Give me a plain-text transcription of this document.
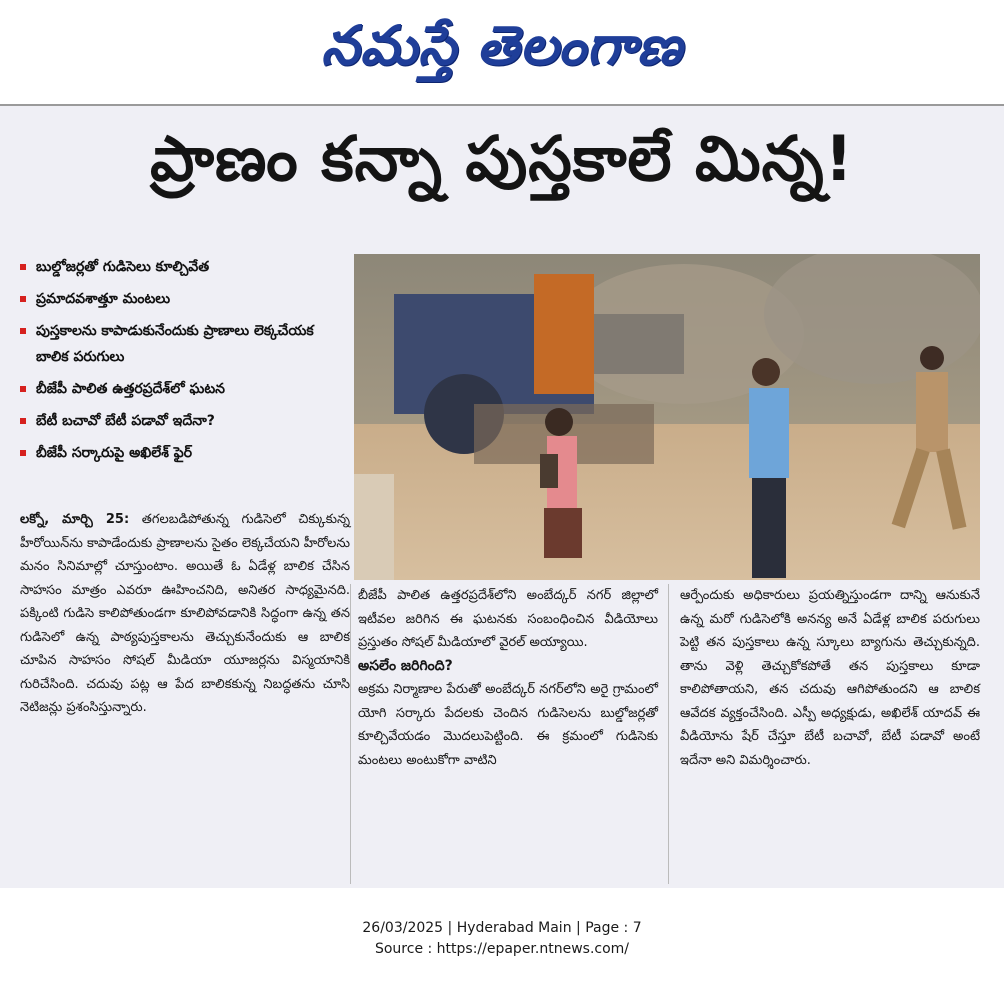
నమస్తే తెలంగాణ
ప్రాణం కన్నా పుస్తకాలే మిన్న!
బుల్డోజర్లతో గుడిసెలు కూల్చివేత
ప్రమాదవశాత్తూ మంటలు
పుస్తకాలను కాపాడుకునేందుకు ప్రాణాలు లెక్కచేయక బాలిక పరుగులు
బీజేపీ పాలిత ఉత్తరప్రదేశ్‌లో ఘటన
బేటీ బచావో బేటీ పడావో ఇదేనా?
బీజేపీ సర్కారుపై అఖిలేశ్ ఫైర్

లక్నో, మార్చి 25: తగలబడిపోతున్న గుడిసెలో చిక్కుకున్న హీరోయిన్‌ను కాపాడేందుకు ప్రాణాలను సైతం లెక్కచేయని హీరోలను మనం సినిమాల్లో చూస్తుంటాం. అయితే ఓ ఏడేళ్ల బాలిక చేసిన సాహసం మాత్రం ఎవరూ ఊహించనిది, అనితర సాధ్యమైనది. పక్కింటి గుడిసె కాలిపోతుండగా కూలిపోవడానికి సిద్ధంగా ఉన్న తన గుడిసెలో ఉన్న పాఠ్యపుస్తకాలను తెచ్చుకునేందుకు ఆ బాలిక చూపిన సాహసం సోషల్ మీడియా యూజర్లను విస్మయానికి గురిచేసింది. చదువు పట్ల ఆ పేద బాలికకున్న నిబద్ధతను చూసి నెటిజన్లు ప్రశంసిస్తున్నారు.

బీజేపీ పాలిత ఉత్తరప్రదేశ్‌లోని అంబేద్కర్ నగర్ జిల్లాలో ఇటీవల జరిగిన ఈ ఘటనకు సంబంధించిన వీడియోలు ప్రస్తుతం సోషల్ మీడియాలో వైరల్ అయ్యాయి.

అసలేం జరిగింది?

అక్రమ నిర్మాణాల పేరుతో అంబేద్కర్ నగర్‌లోని అరై గ్రామంలో యోగి సర్కారు పేదలకు చెందిన గుడిసెలను బుల్డోజర్లతో కూల్చివేయడం మొదలుపెట్టింది. ఈ క్రమంలో గుడిసెకు మంటలు అంటుకోగా వాటిని

ఆర్పేందుకు అధికారులు ప్రయత్నిస్తుండగా దాన్ని ఆనుకునే ఉన్న మరో గుడిసెలోకి అనన్య అనే ఏడేళ్ల బాలిక పరుగులు పెట్టి తన పుస్తకాలు ఉన్న స్కూలు బ్యాగును తెచ్చుకున్నది. తాను వెళ్లి తెచ్చుకోకపోతే తన పుస్తకాలు కూడా కాలిపోతాయని, తన చదువు ఆగిపోతుందని ఆ బాలిక ఆవేదక వ్యక్తంచేసింది. ఎస్పీ అధ్యక్షుడు, అఖిలేశ్ యాదవ్ ఈ వీడియోను షేర్ చేస్తూ బేటీ బచావో, బేటీ పడావో అంటే ఇదేనా అని విమర్శించారు.

26/03/2025 | Hyderabad Main | Page : 7
Source : https://epaper.ntnews.com/
